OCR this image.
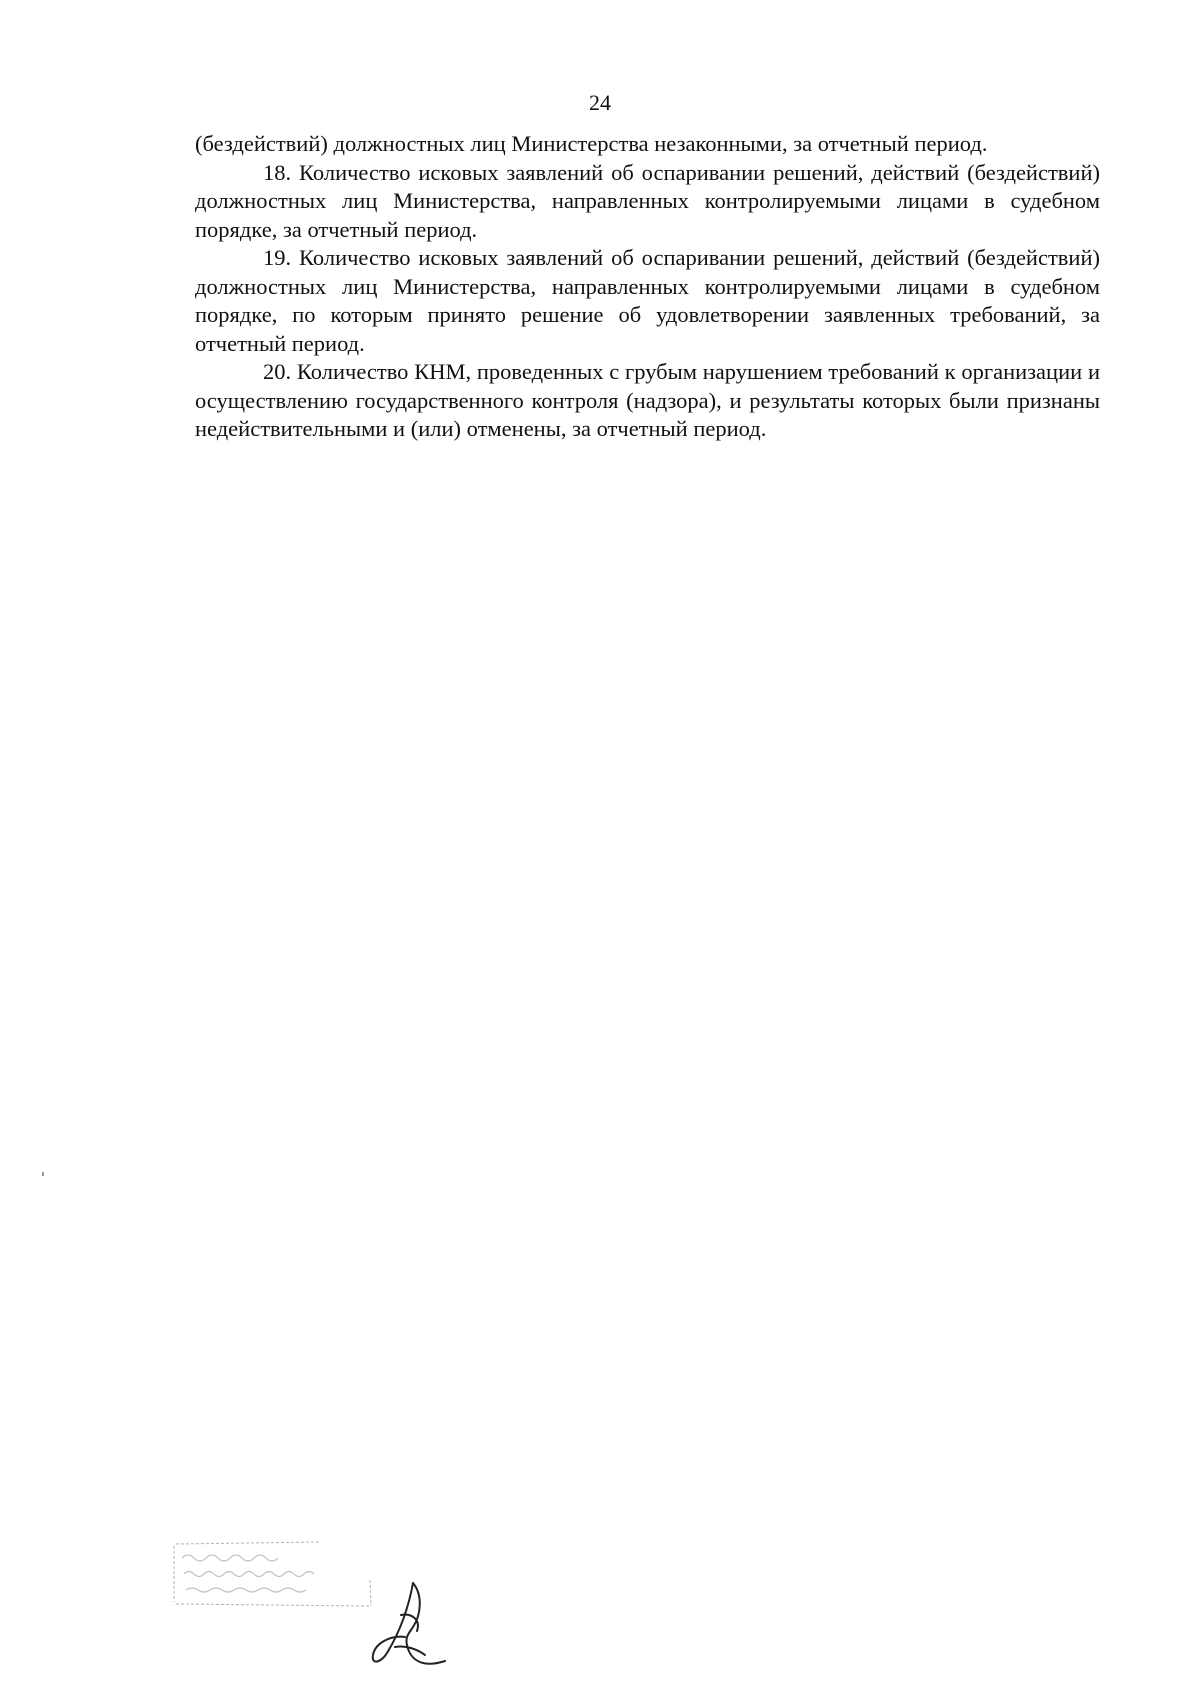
24

(бездействий) должностных лиц Министерства незаконными, за отчетный период.

18. Количество исковых заявлений об оспаривании решений, действий (бездействий) должностных лиц Министерства, направленных контролируемыми лицами в судебном порядке, за отчетный период.

19. Количество исковых заявлений об оспаривании решений, действий (бездействий) должностных лиц Министерства, направленных контролируемыми лицами в судебном порядке, по которым принято решение об удовлетворении заявленных требований, за отчетный период.

20. Количество КНМ, проведенных с грубым нарушением требований к организации и осуществлению государственного контроля (надзора), и результаты которых были признаны недействительными и (или) отменены, за отчетный период.
